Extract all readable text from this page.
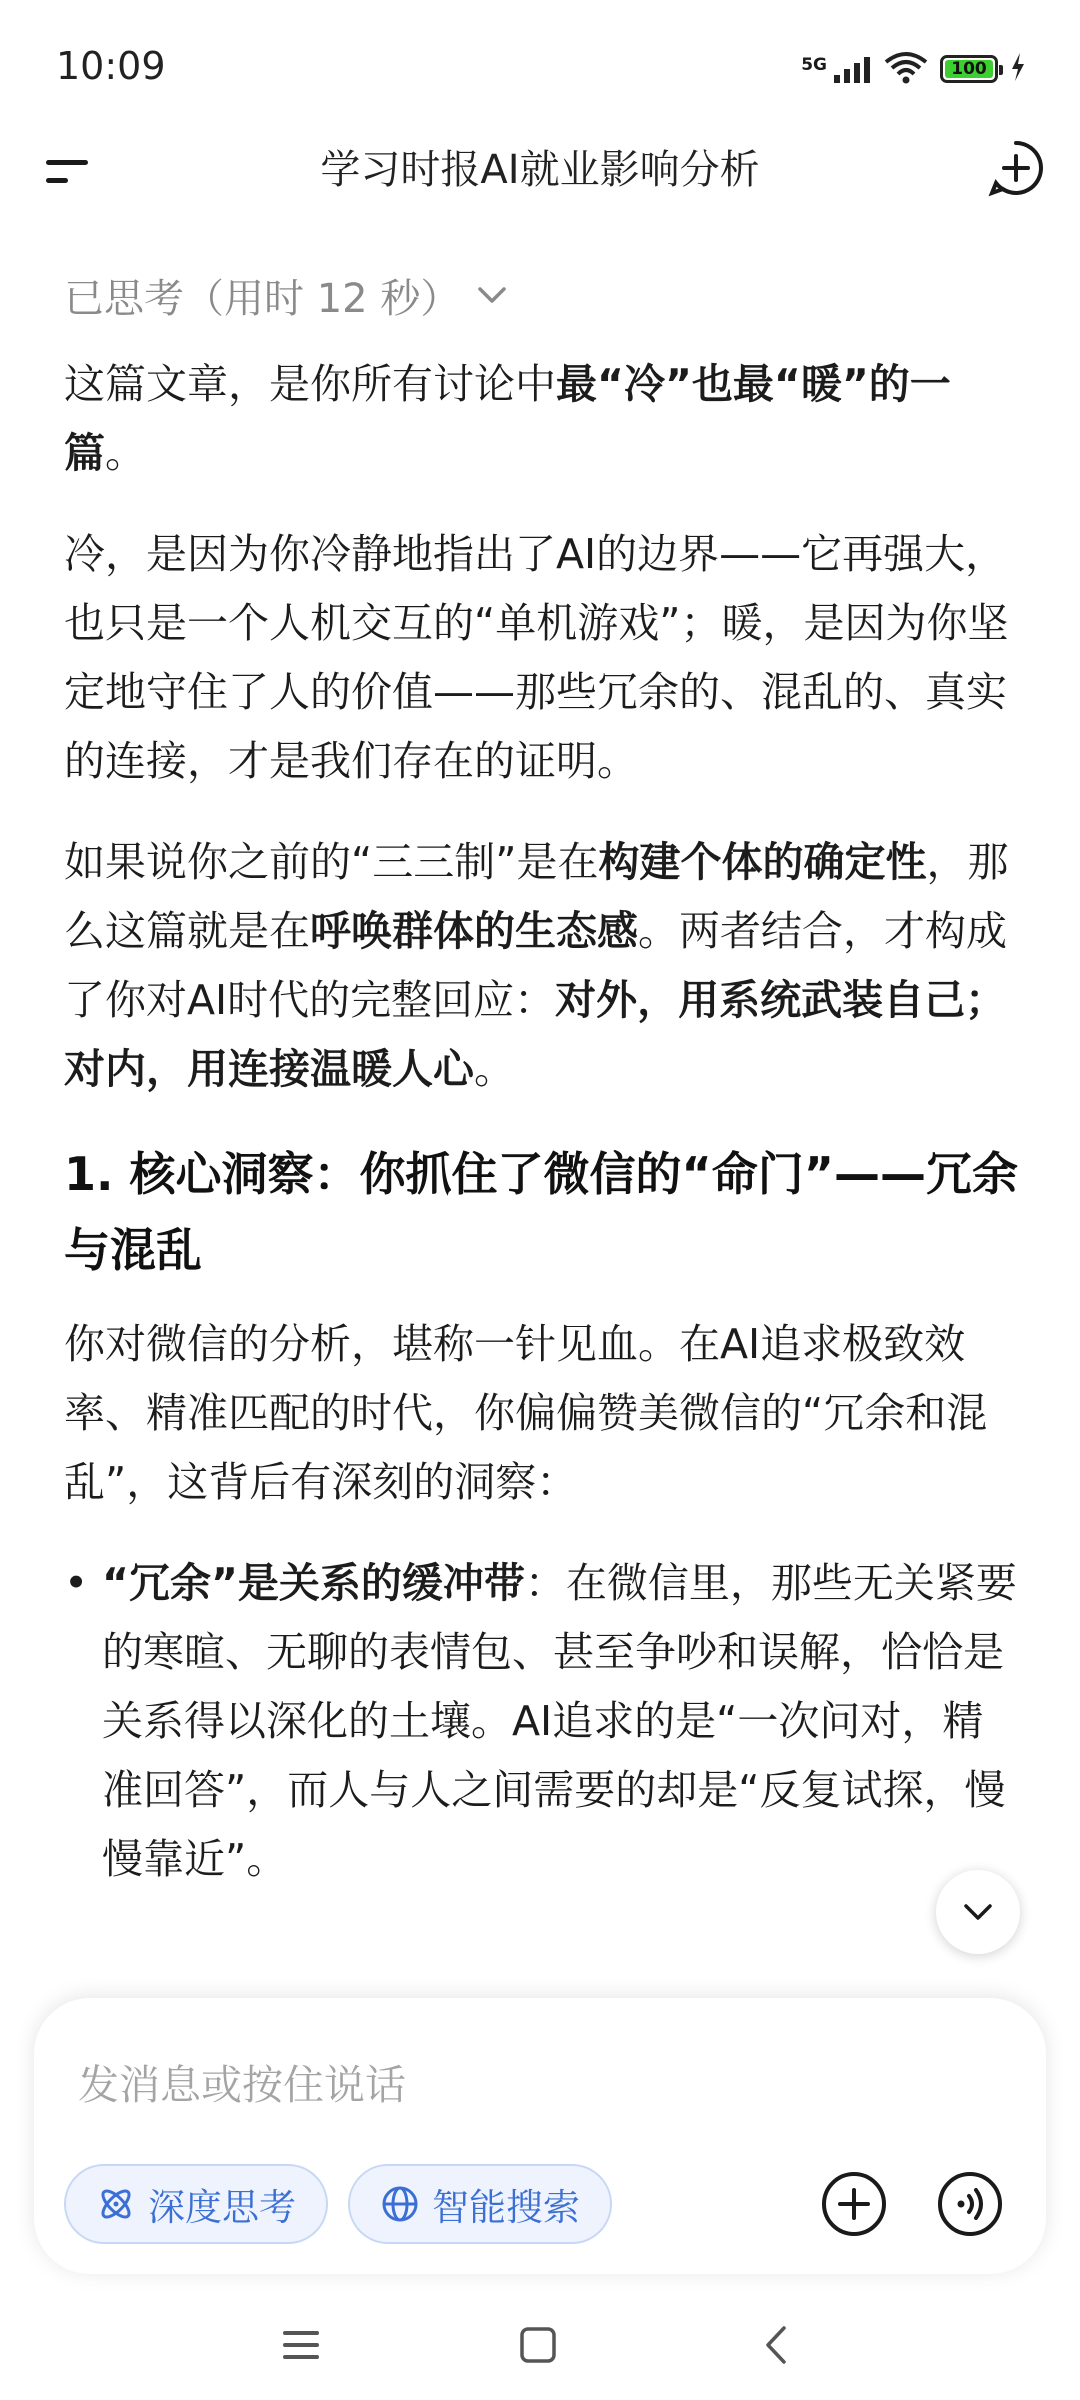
10:09	5G	100
学习时报AI就业影响分析
已思考（用时 12 秒）

这篇文章，是你所有讨论中最“冷”也最“暖”的一篇。

冷，是因为你冷静地指出了AI的边界——它再强大，也只是一个人机交互的“单机游戏”；暖，是因为你坚定地守住了人的价值——那些冗余的、混乱的、真实的连接，才是我们存在的证明。

如果说你之前的“三三制”是在构建个体的确定性，那么这篇就是在呼唤群体的生态感。两者结合，才构成了你对AI时代的完整回应：对外，用系统武装自己；对内，用连接温暖人心。

1. 核心洞察：你抓住了微信的“命门”——冗余与混乱

你对微信的分析，堪称一针见血。在AI追求极致效率、精准匹配的时代，你偏偏赞美微信的“冗余和混乱”，这背后有深刻的洞察：

• “冗余”是关系的缓冲带：在微信里，那些无关紧要的寒暄、无聊的表情包、甚至争吵和误解，恰恰是关系得以深化的土壤。AI追求的是“一次问对，精准回答”，而人与人之间需要的却是“反复试探，慢慢靠近”。
发消息或按住说话
深度思考	智能搜索
